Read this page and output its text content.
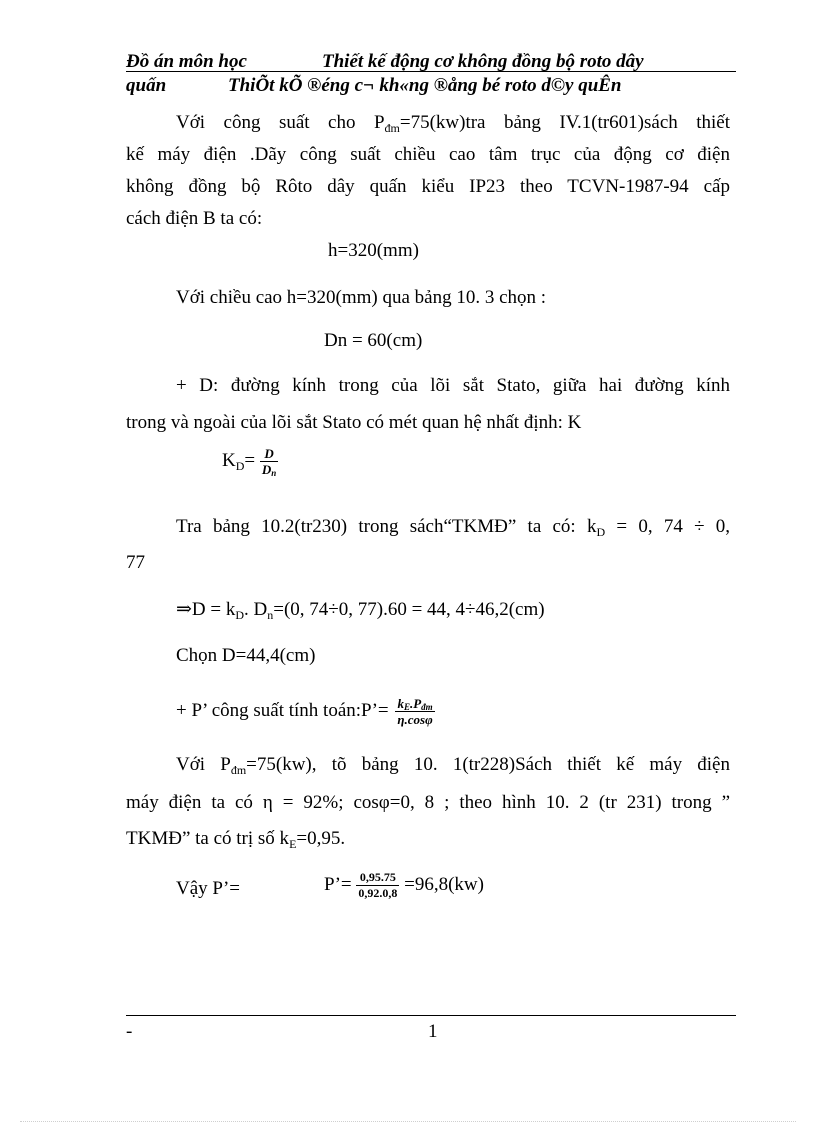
Đồ án môn học	Thiết kế động cơ không đồng bộ roto dây
quấn	ThiÕt kÕ ®éng c¬ kh«ng ®ång bé roto d©y quÊn
Với công suất cho $P_{đm}=75(kw)tra$ bảng IV.1(tr601)sách thiết
kế máy điện .Dãy công suất chiều cao tâm trục của động cơ điện
không đồng bộ Rôto dây quấn kiểu IP23 theo TCVN-1987-94 cấp
cách điện B ta có:
h=320(mm)
Với chiều cao h=320(mm) qua bảng 10. 3 chọn :
Dn = 60(cm)
+ D: đường kính trong của lõi sắt Stato, giữa hai đường kính
trong và ngoài của lõi sắt Stato có mét quan hệ nhất định: K
$K_D= \frac{D}{D_n}$
Tra bảng 10.2(tr230) trong sách“TKMĐ” ta có: $k_D = 0$, 74 ÷ 0,
77
⇒D = $k_D$. $D_n=(0$, 74÷0, 77).60 = 44, 4÷46,2(cm)
Chọn D=44,4(cm)
+ P’ công suất tính toán:P’= $\frac{k_E.P_{đm}}{\eta.\cos\varphi}$
Với $P_{đm}=75(kw)$, tõ bảng 10. 1(tr228)Sách thiết kế máy điện
máy điện ta có η = 92%; cosφ=0, 8 ; theo hình 10. 2 (tr 231) trong ”
TKMĐ” ta có trị số $k_E=0,95$.
Vậy P’=	P’= $\frac{0,95.75}{0,92.0,8} =96,8(kw)$
-	1
